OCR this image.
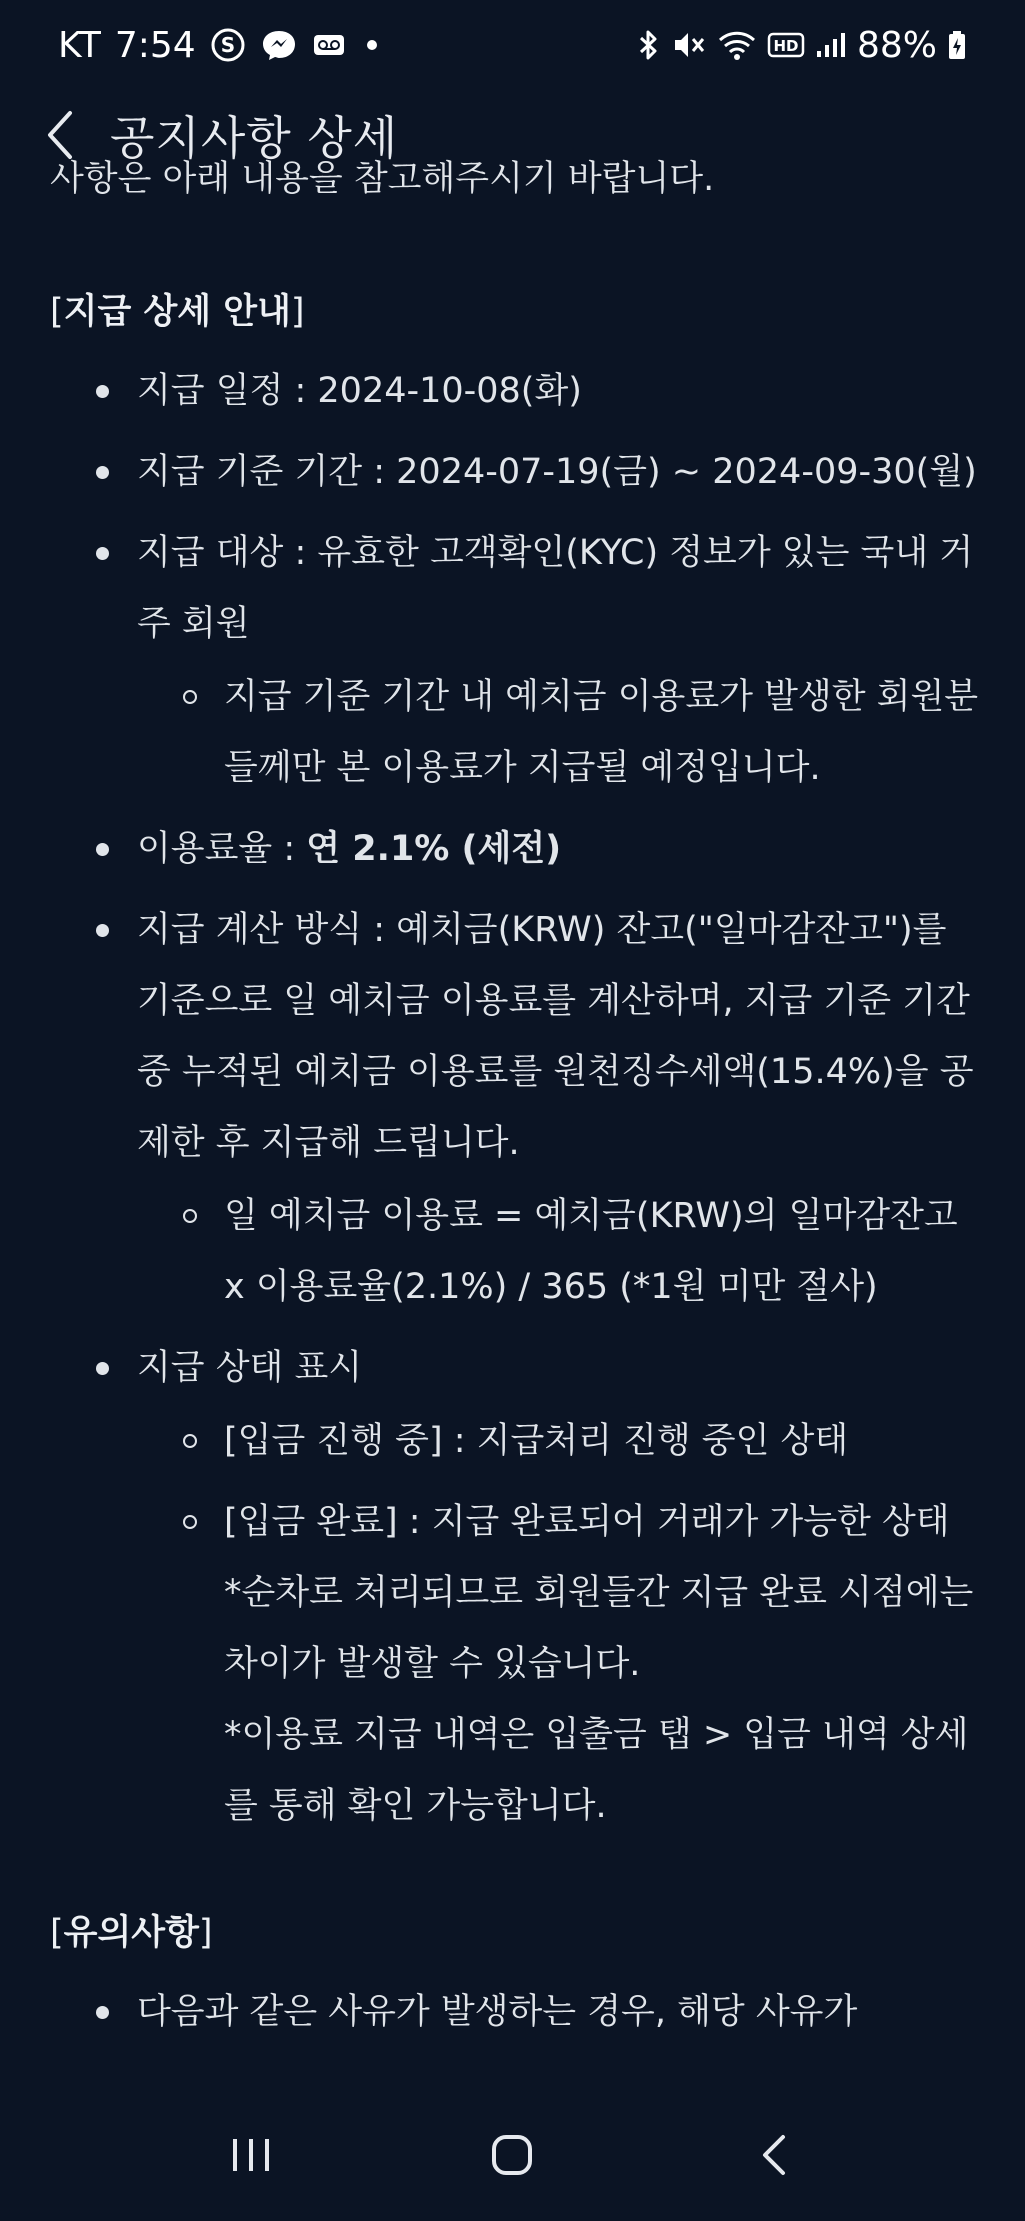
KT 7:54 S	HD 88%
공지사항 상세

사항은 아래 내용을 참고해주시기 바랍니다.

[지급 상세 안내]

지급 일정 : 2024-10-08(화)
지급 기준 기간 : 2024-07-19(금) ~ 2024-09-30(월)
지급 대상 : 유효한 고객확인(KYC) 정보가 있는 국내 거주 회원
지급 기준 기간 내 예치금 이용료가 발생한 회원분들께만 본 이용료가 지급될 예정입니다.
이용료율 : 연 2.1% (세전)
지급 계산 방식 : 예치금(KRW) 잔고("일마감잔고")를 기준으로 일 예치금 이용료를 계산하며, 지급 기준 기간 중 누적된 예치금 이용료를 원천징수세액(15.4%)을 공제한 후 지급해 드립니다.
일 예치금 이용료 = 예치금(KRW)의 일마감잔고 x 이용료율(2.1%) / 365 (*1원 미만 절사)
지급 상태 표시
[입금 진행 중] : 지급처리 진행 중인 상태
[입금 완료] : 지급 완료되어 거래가 가능한 상태
*순차로 처리되므로 회원들간 지급 완료 시점에는 차이가 발생할 수 있습니다.
*이용료 지급 내역은 입출금 탭 > 입금 내역 상세를 통해 확인 가능합니다.

[유의사항]

다음과 같은 사유가 발생하는 경우, 해당 사유가
